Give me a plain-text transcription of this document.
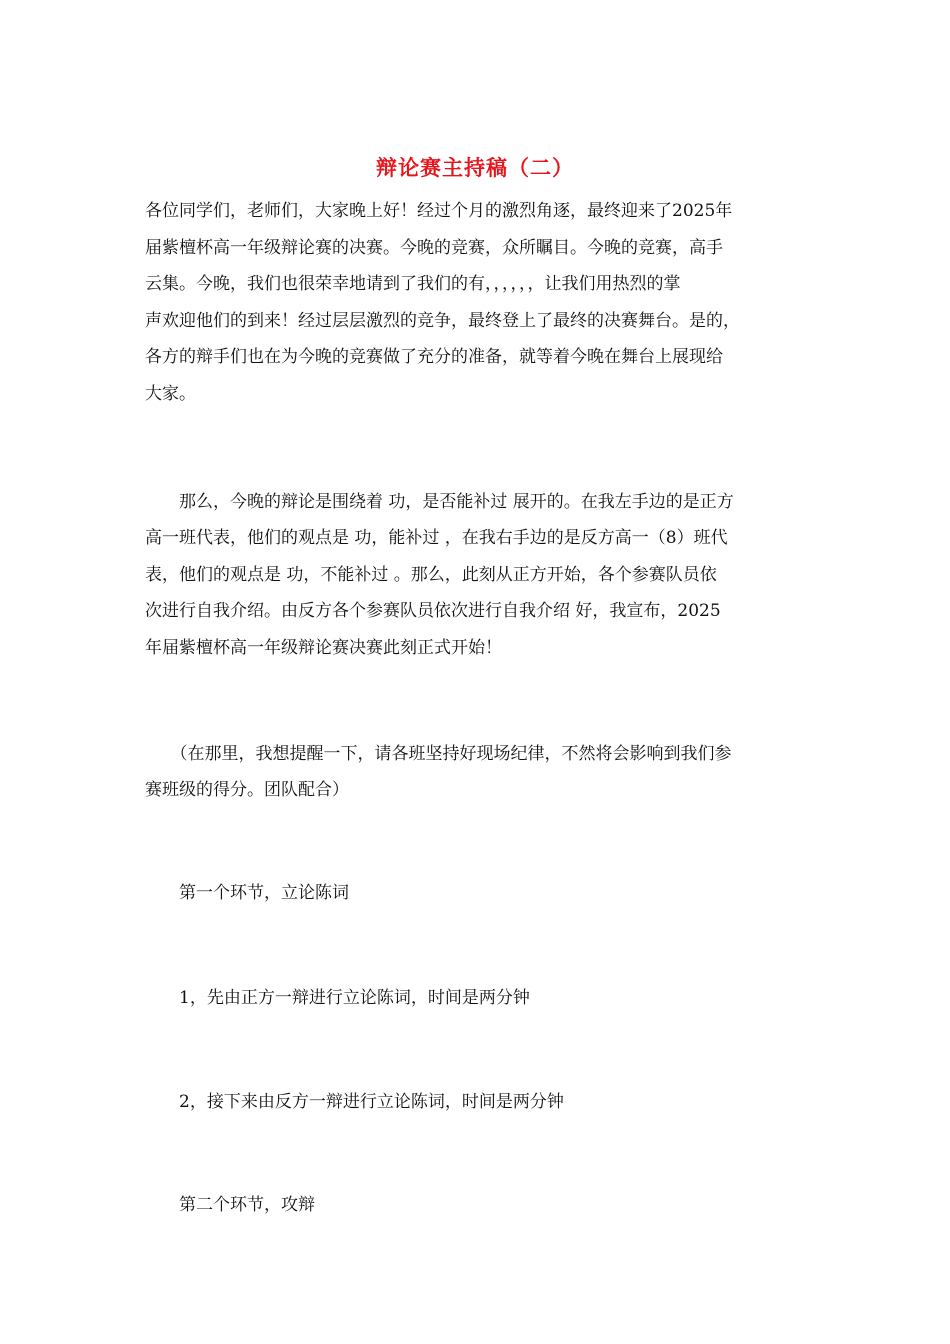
辩论赛主持稿（二）
各位同学们，老师们，大家晚上好！经过个月的激烈角逐，最终迎来了2025年
届紫檀杯高一年级辩论赛的决赛。今晚的竞赛，众所瞩目。今晚的竞赛，高手
云集。今晚，我们也很荣幸地请到了我们的有，，，，，，让我们用热烈的掌
声欢迎他们的到来！经过层层激烈的竞争，最终登上了最终的决赛舞台。是的，
各方的辩手们也在为今晚的竞赛做了充分的准备，就等着今晚在舞台上展现给
大家。
　　那么，今晚的辩论是围绕着 功，是否能补过 展开的。在我左手边的是正方
高一班代表，他们的观点是 功，能补过 ，在我右手边的是反方高一（8）班代
表，他们的观点是 功，不能补过 。那么，此刻从正方开始，各个参赛队员依
次进行自我介绍。由反方各个参赛队员依次进行自我介绍 好，我宣布，2025
年届紫檀杯高一年级辩论赛决赛此刻正式开始！
　　（在那里，我想提醒一下，请各班坚持好现场纪律，不然将会影响到我们参
赛班级的得分。团队配合）
　　第一个环节，立论陈词
　　1，先由正方一辩进行立论陈词，时间是两分钟
　　2，接下来由反方一辩进行立论陈词，时间是两分钟
　　第二个环节，攻辩
